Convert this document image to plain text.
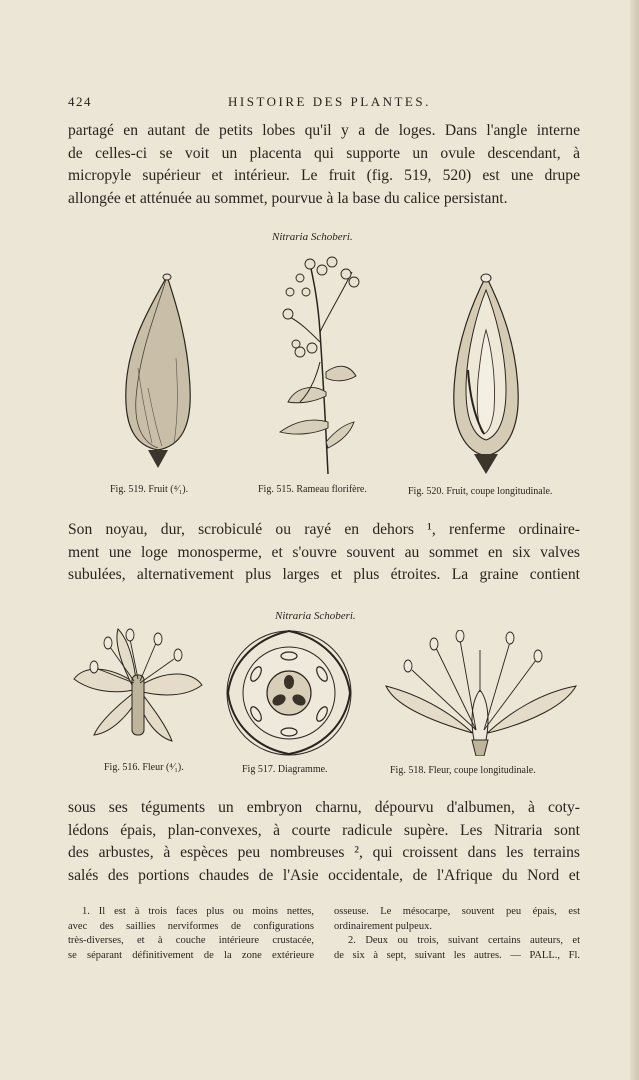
424	HISTOIRE DES PLANTES.
partagé en autant de petits lobes qu'il y a de loges. Dans l'angle interne
de celles-ci se voit un placenta qui supporte un ovule descendant, à
micropyle supérieur et intérieur. Le fruit (fig. 519, 520) est une drupe
allongée et atténuée au sommet, pourvue à la base du calice persistant.
Nitraria Schoberi.
Fig. 519. Fruit (⁴⁄₁).	Fig. 515. Rameau florifère.	Fig. 520. Fruit, coupe longitudinale.
Son noyau, dur, scrobiculé ou rayé en dehors ¹, renferme ordinaire-
ment une loge monosperme, et s'ouvre souvent au sommet en six valves
subulées, alternativement plus larges et plus étroites. La graine contient
Nitraria Schoberi.
Fig. 516. Fleur (⁴⁄₁).	Fig 517. Diagramme.	Fig. 518. Fleur, coupe longitudinale.
sous ses téguments un embryon charnu, dépourvu d'albumen, à coty-
lédons épais, plan-convexes, à courte radicule supère. Les Nitraria sont
des arbustes, à espèces peu nombreuses ², qui croissent dans les terrains
salés des portions chaudes de l'Asie occidentale, de l'Afrique du Nord et
1. Il est à trois faces plus ou moins nettes,
avec des saillies nerviformes de configurations
très-diverses, et à couche intérieure crustacée,
se séparant définitivement de la zone extérieure
osseuse. Le mésocarpe, souvent peu épais, est
ordinairement pulpeux.
2. Deux ou trois, suivant certains auteurs, et
de six à sept, suivant les autres. — PALL., Fl.
